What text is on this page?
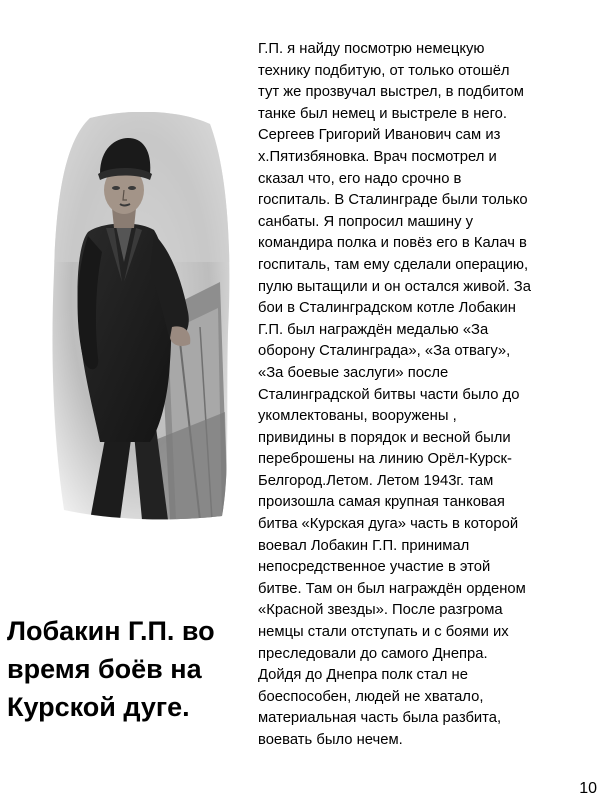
Лобакин Г.П. во
время боёв на
Курской дуге.
Г.П. я найду посмотрю немецкую
технику подбитую, от только отошёл
тут же прозвучал выстрел, в подбитом
танке был немец и выстреле в него.
Сергеев Григорий Иванович сам из
х.Пятизбяновка. Врач посмотрел и
сказал что, его надо срочно в
госпиталь. В Сталинграде были только
санбаты. Я попросил машину у
командира полка и повёз его в Калач в
госпиталь, там ему сделали операцию,
пулю вытащили и он остался живой. За
бои в Сталинградском котле Лобакин
Г.П. был награждён медалью «За
оборону Сталинграда», «За отвагу»,
«За боевые заслуги» после
Сталинградской битвы части было до
укомлектованы, вооружены ,
привидины в порядок и весной были
переброшены на линию Орёл-Курск-
Белгород.Летом. Летом 1943г. там
произошла самая крупная танковая
битва «Курская дуга» часть в которой
воевал Лобакин Г.П. принимал
непосредственное участие в этой
битве. Там он был награждён орденом
«Красной звезды». После разгрома
немцы стали отступать и с боями их
преследовали до самого Днепра.
Дойдя до Днепра полк стал не
боеспособен, людей не хватало,
материальная часть была разбита,
воевать было нечем.
10
